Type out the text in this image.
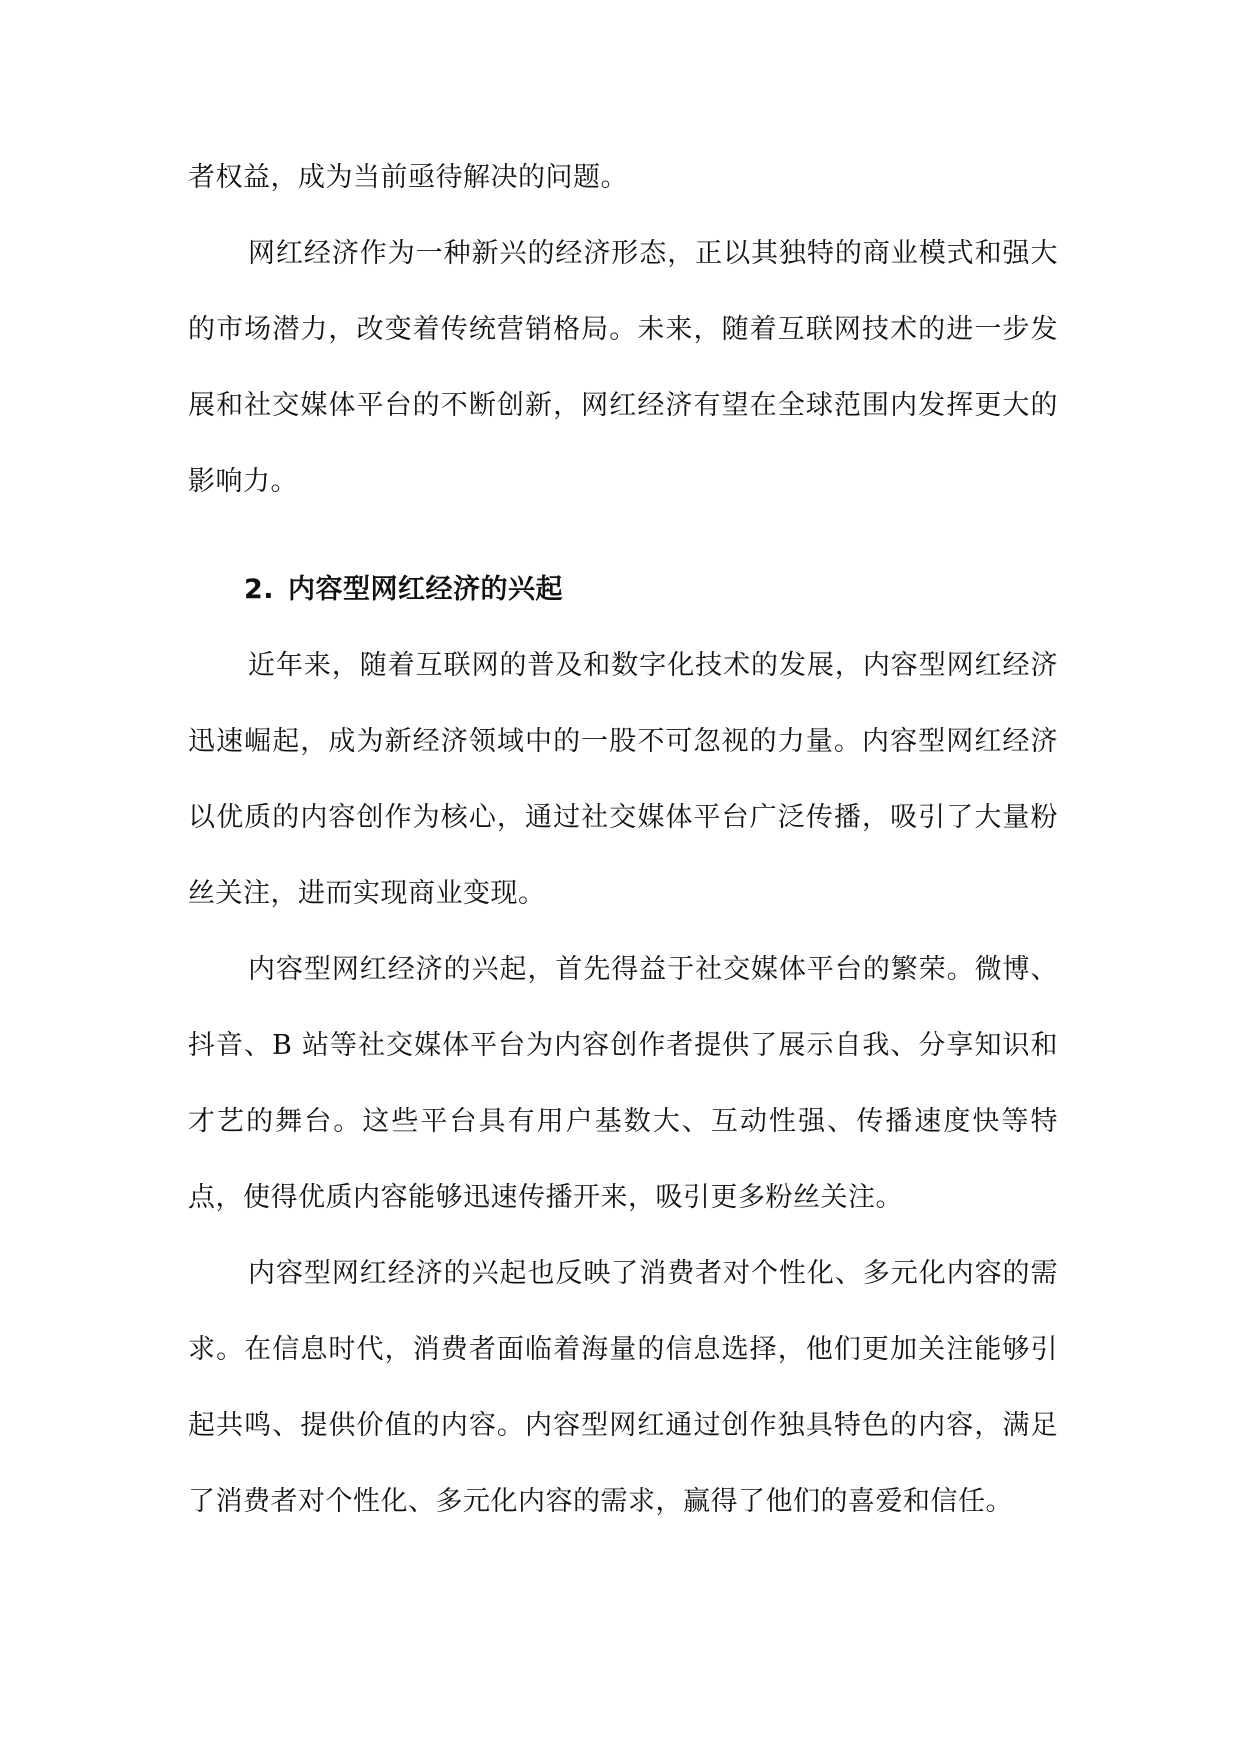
者权益，成为当前亟待解决的问题。

网红经济作为一种新兴的经济形态，正以其独特的商业模式和强大的市场潜力，改变着传统营销格局。未来，随着互联网技术的进一步发展和社交媒体平台的不断创新，网红经济有望在全球范围内发挥更大的影响力。

2. 内容型网红经济的兴起

近年来，随着互联网的普及和数字化技术的发展，内容型网红经济迅速崛起，成为新经济领域中的一股不可忽视的力量。内容型网红经济以优质的内容创作为核心，通过社交媒体平台广泛传播，吸引了大量粉丝关注，进而实现商业变现。

内容型网红经济的兴起，首先得益于社交媒体平台的繁荣。微博、抖音、B 站等社交媒体平台为内容创作者提供了展示自我、分享知识和才艺的舞台。这些平台具有用户基数大、互动性强、传播速度快等特点，使得优质内容能够迅速传播开来，吸引更多粉丝关注。

内容型网红经济的兴起也反映了消费者对个性化、多元化内容的需求。在信息时代，消费者面临着海量的信息选择，他们更加关注能够引起共鸣、提供价值的内容。内容型网红通过创作独具特色的内容，满足了消费者对个性化、多元化内容的需求，赢得了他们的喜爱和信任。
